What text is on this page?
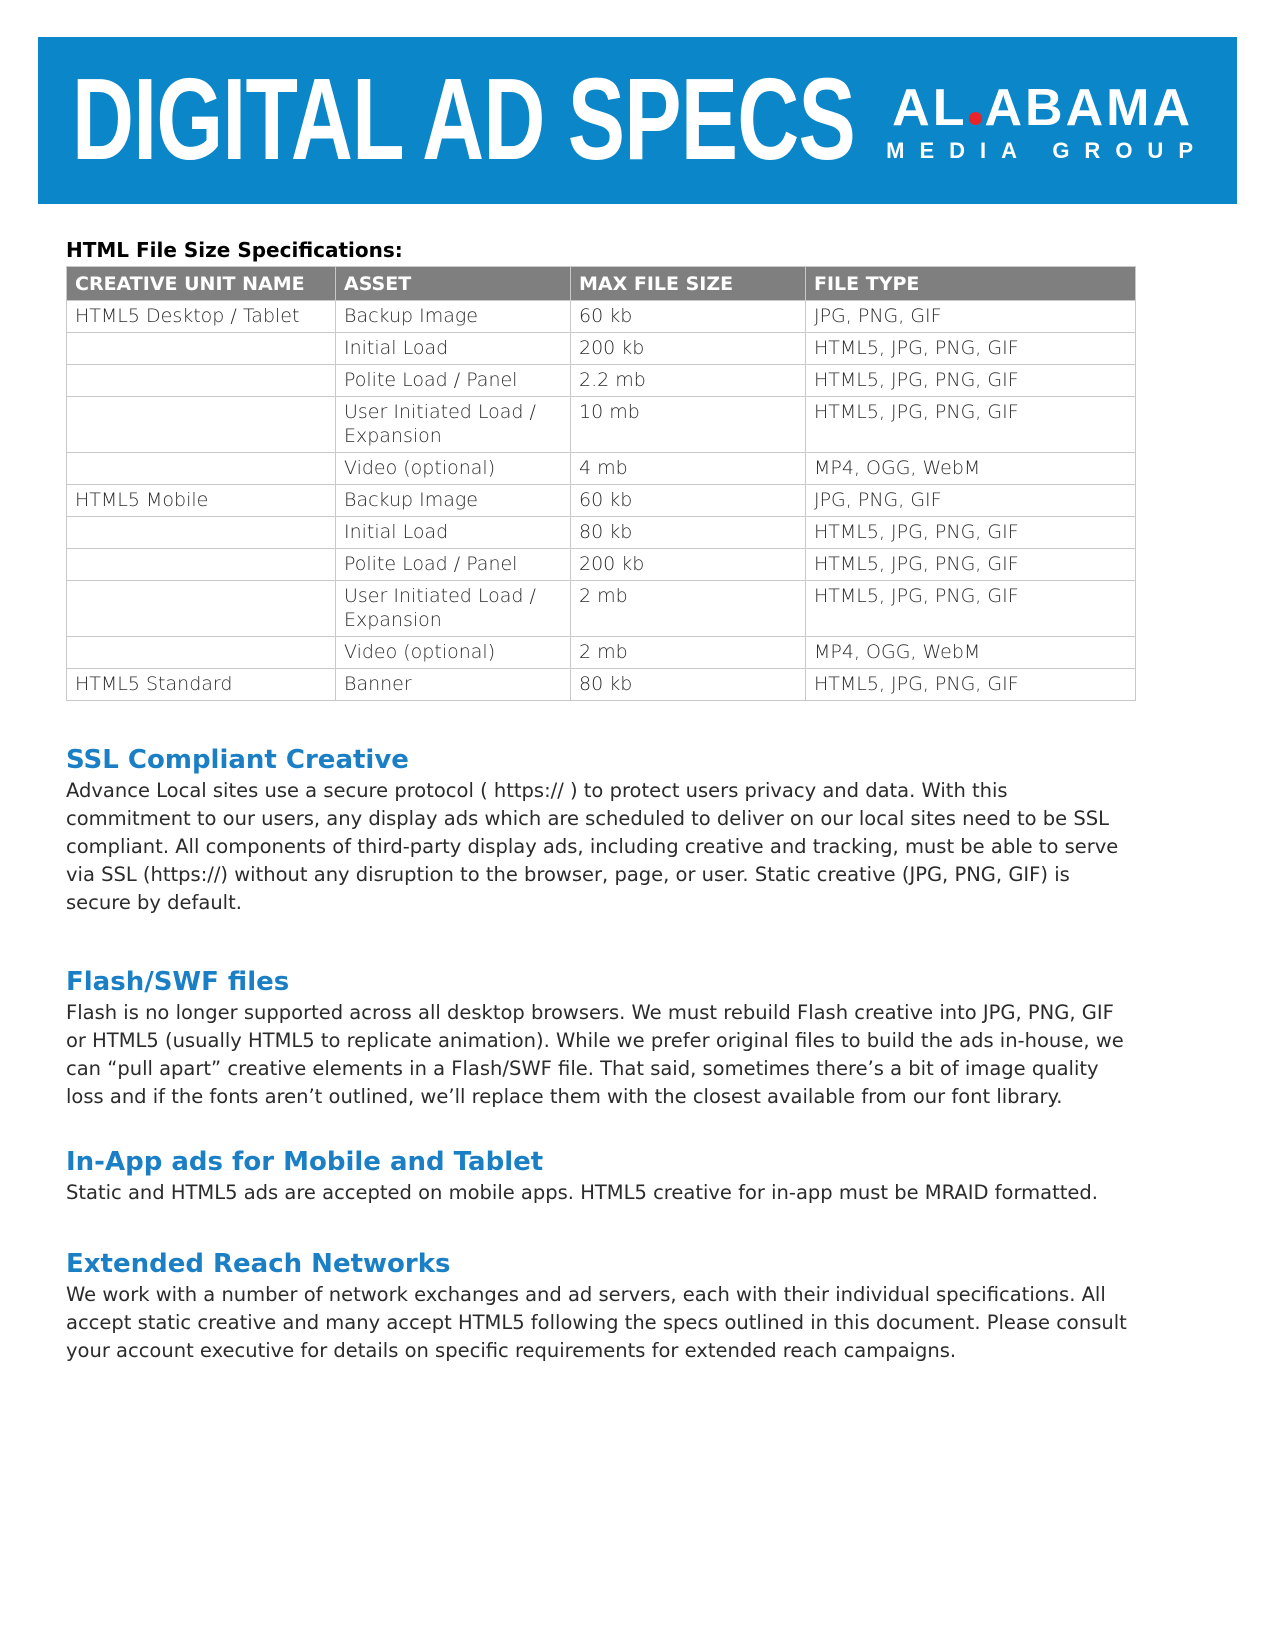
DIGITAL AD SPECS AL ABAMA
MEDIA GROUP
HTML File Size Specifications:
CREATIVE UNIT NAME	ASSET	MAX FILE SIZE	FILE TYPE
HTML5 Desktop / Tablet	Backup Image	60 kb	JPG, PNG, GIF
	Initial Load	200 kb	HTML5, JPG, PNG, GIF
	Polite Load / Panel	2.2 mb	HTML5, JPG, PNG, GIF
	User Initiated Load / Expansion	10 mb	HTML5, JPG, PNG, GIF
	Video (optional)	4 mb	MP4, OGG, WebM
HTML5 Mobile	Backup Image	60 kb	JPG, PNG, GIF
	Initial Load	80 kb	HTML5, JPG, PNG, GIF
	Polite Load / Panel	200 kb	HTML5, JPG, PNG, GIF
	User Initiated Load / Expansion	2 mb	HTML5, JPG, PNG, GIF
	Video (optional)	2 mb	MP4, OGG, WebM
HTML5 Standard	Banner	80 kb	HTML5, JPG, PNG, GIF
SSL Compliant Creative

Advance Local sites use a secure protocol ( https:// ) to protect users privacy and data. With this commitment to our users, any display ads which are scheduled to deliver on our local sites need to be SSL compliant. All components of third-party display ads, including creative and tracking, must be able to serve via SSL (https://) without any disruption to the browser, page, or user. Static creative (JPG, PNG, GIF) is secure by default.

Flash/SWF files

Flash is no longer supported across all desktop browsers. We must rebuild Flash creative into JPG, PNG, GIF or HTML5 (usually HTML5 to replicate animation). While we prefer original files to build the ads in-house, we can “pull apart” creative elements in a Flash/SWF file. That said, sometimes there’s a bit of image quality loss and if the fonts aren’t outlined, we’ll replace them with the closest available from our font library.

In-App ads for Mobile and Tablet

Static and HTML5 ads are accepted on mobile apps. HTML5 creative for in-app must be MRAID formatted.

Extended Reach Networks

We work with a number of network exchanges and ad servers, each with their individual specifications. All accept static creative and many accept HTML5 following the specs outlined in this document. Please consult your account executive for details on specific requirements for extended reach campaigns.
